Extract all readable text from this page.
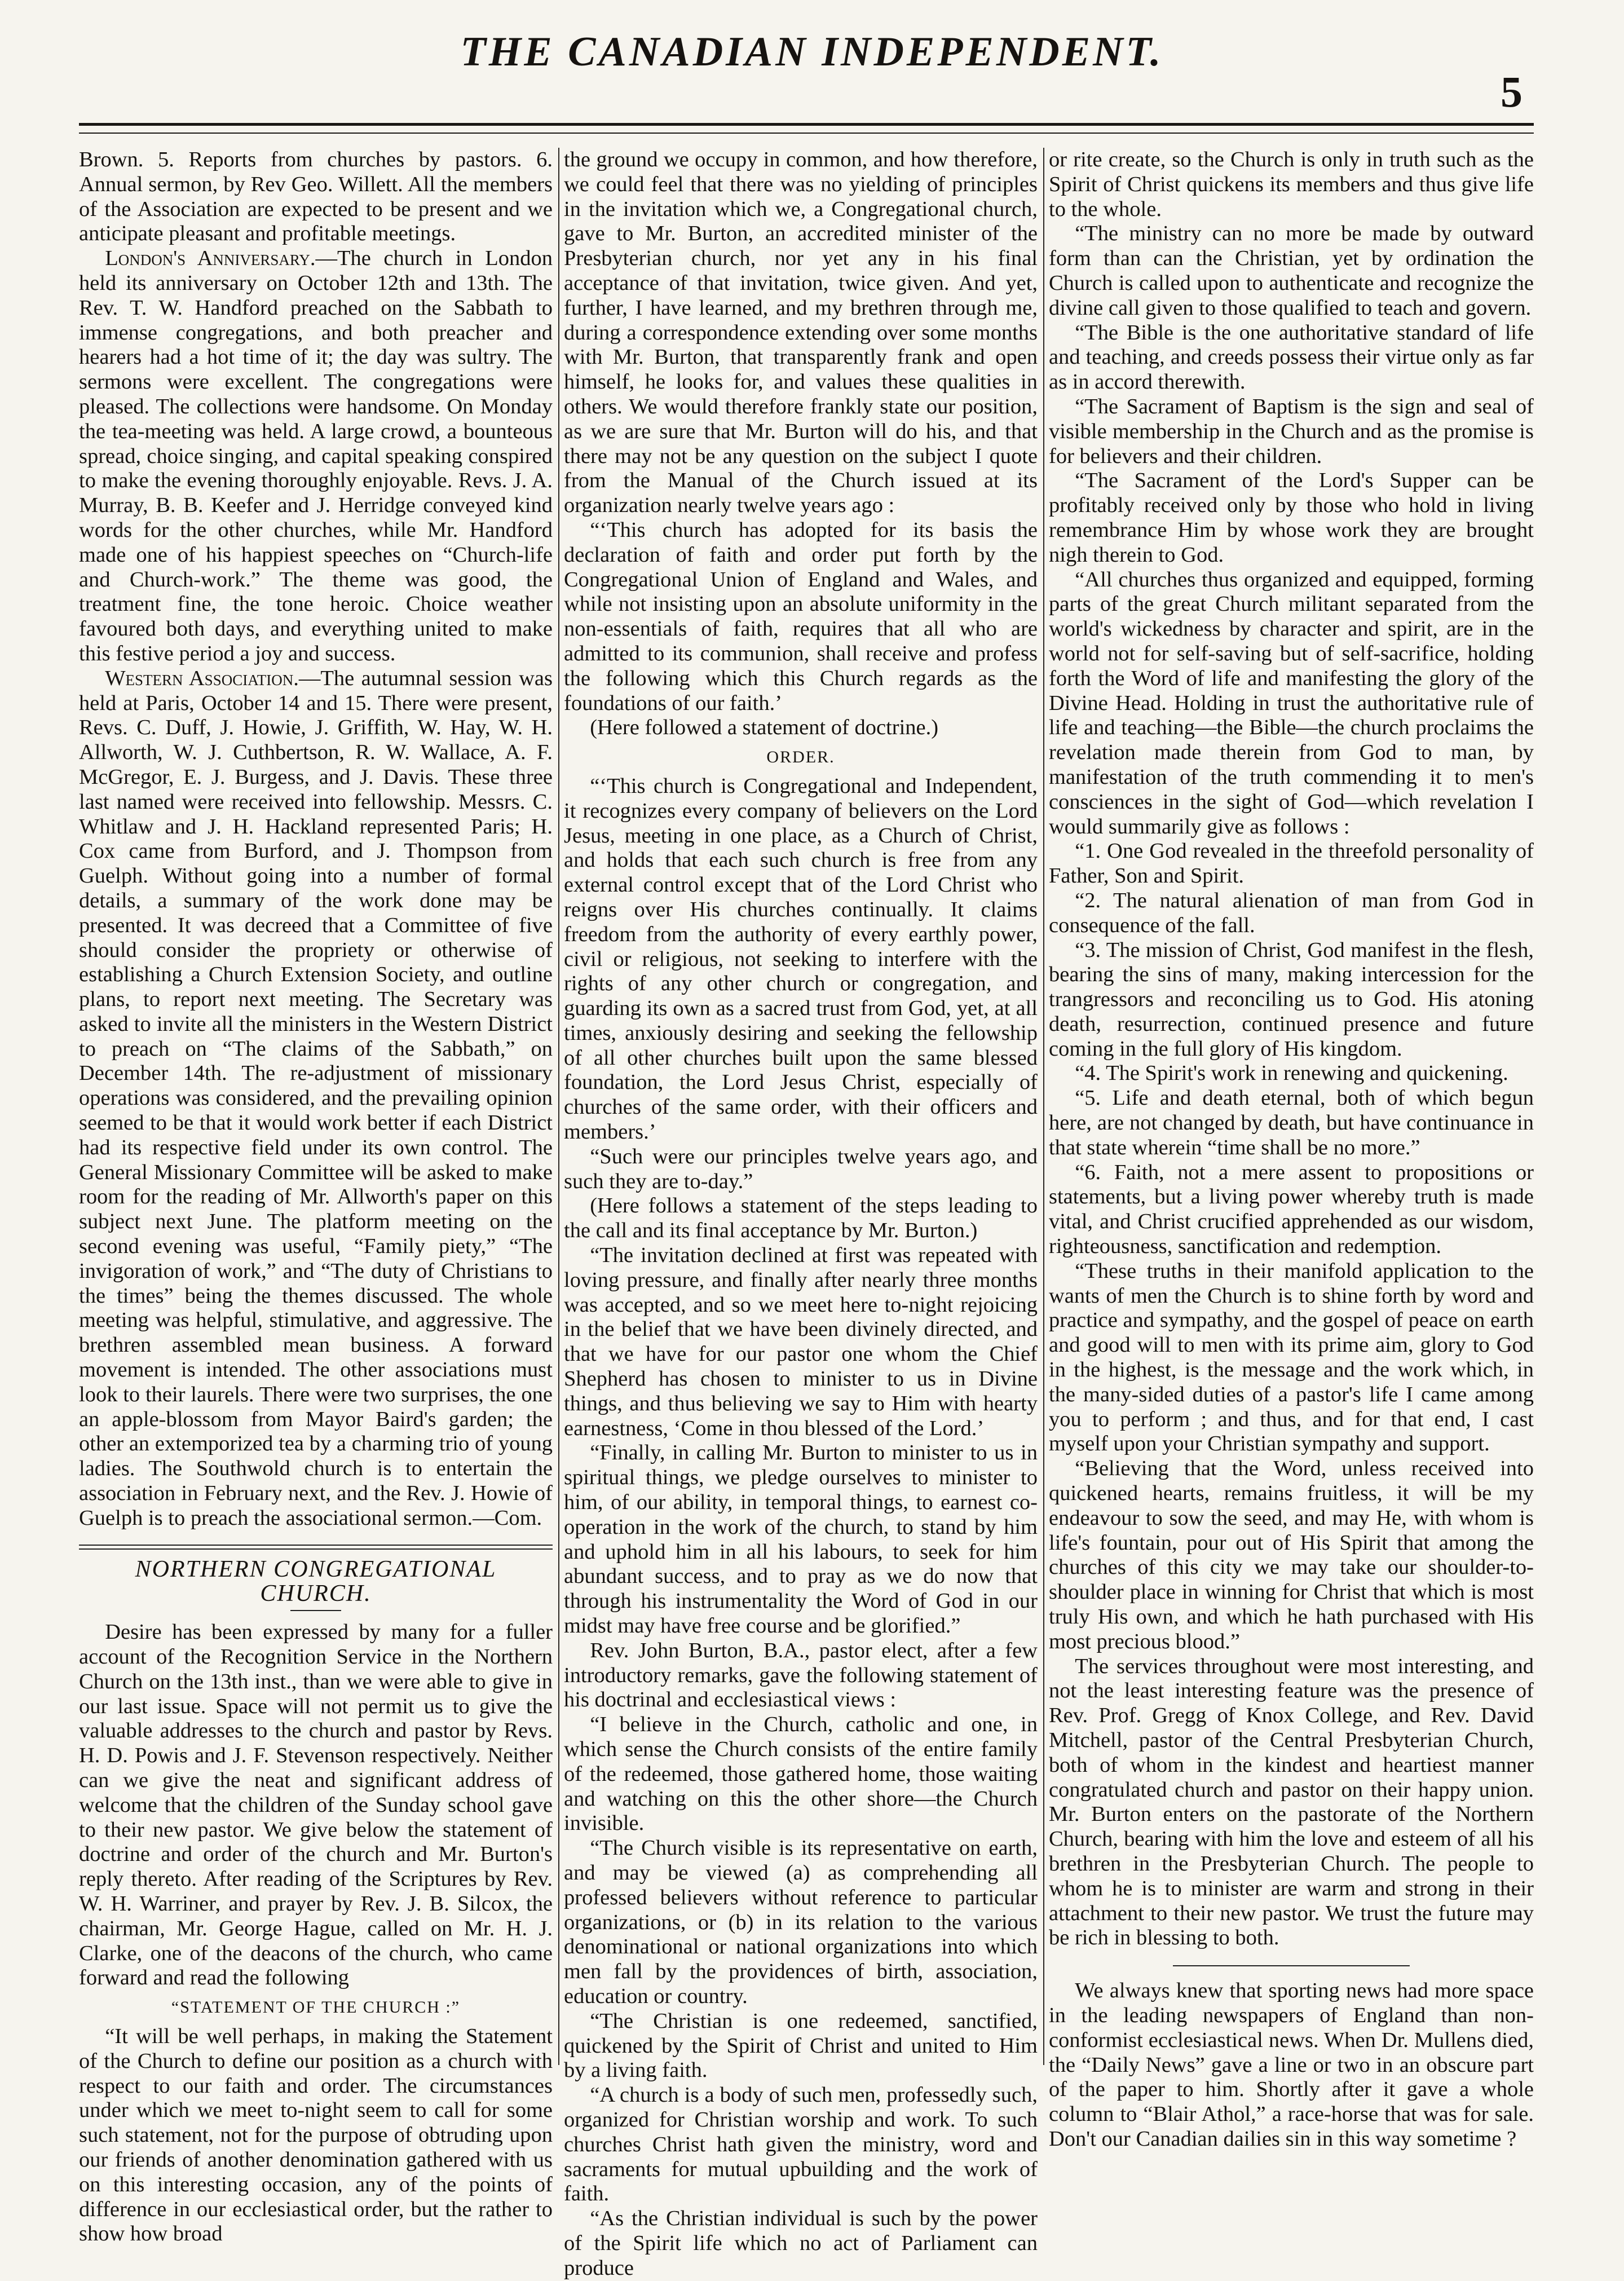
THE CANADIAN INDEPENDENT.
5

Brown. 5. Reports from churches by pastors. 6. Annual sermon, by Rev Geo. Willett. All the members of the Association are expected to be present and we anticipate pleasant and profitable meetings.

London's Anniversary.—The church in London held its anniversary on October 12th and 13th. The Rev. T. W. Handford preached on the Sabbath to immense congregations, and both preacher and hearers had a hot time of it; the day was sultry. The sermons were excellent. The congregations were pleased. The collections were handsome. On Monday the tea-meeting was held. A large crowd, a bounteous spread, choice singing, and capital speaking conspired to make the evening thoroughly enjoyable. Revs. J. A. Murray, B. B. Keefer and J. Herridge conveyed kind words for the other churches, while Mr. Handford made one of his happiest speeches on “Church-life and Church-work.” The theme was good, the treatment fine, the tone heroic. Choice weather favoured both days, and everything united to make this festive period a joy and success.

Western Association.—The autumnal session was held at Paris, October 14 and 15. There were present, Revs. C. Duff, J. Howie, J. Griffith, W. Hay, W. H. Allworth, W. J. Cuthbertson, R. W. Wallace, A. F. McGregor, E. J. Burgess, and J. Davis. These three last named were received into fellowship. Messrs. C. Whitlaw and J. H. Hackland represented Paris; H. Cox came from Burford, and J. Thompson from Guelph. Without going into a number of formal details, a summary of the work done may be presented. It was decreed that a Committee of five should consider the propriety or otherwise of establishing a Church Extension Society, and outline plans, to report next meeting. The Secretary was asked to invite all the ministers in the Western District to preach on “The claims of the Sabbath,” on December 14th. The re-adjustment of missionary operations was considered, and the prevailing opinion seemed to be that it would work better if each District had its respective field under its own control. The General Missionary Committee will be asked to make room for the reading of Mr. Allworth's paper on this subject next June. The platform meeting on the second evening was useful, “Family piety,” “The invigoration of work,” and “The duty of Christians to the times” being the themes discussed. The whole meeting was helpful, stimulative, and aggressive. The brethren assembled mean business. A forward movement is intended. The other associations must look to their laurels. There were two surprises, the one an apple-blossom from Mayor Baird's garden; the other an extemporized tea by a charming trio of young ladies. The Southwold church is to entertain the association in February next, and the Rev. J. Howie of Guelph is to preach the associational sermon.—Com.

NORTHERN CONGREGATIONAL CHURCH.

Desire has been expressed by many for a fuller account of the Recognition Service in the Northern Church on the 13th inst., than we were able to give in our last issue. Space will not permit us to give the valuable addresses to the church and pastor by Revs. H. D. Powis and J. F. Stevenson respectively. Neither can we give the neat and significant address of welcome that the children of the Sunday school gave to their new pastor. We give below the statement of doctrine and order of the church and Mr. Burton's reply thereto. After reading of the Scriptures by Rev. W. H. Warriner, and prayer by Rev. J. B. Silcox, the chairman, Mr. George Hague, called on Mr. H. J. Clarke, one of the deacons of the church, who came forward and read the following

“STATEMENT OF THE CHURCH :”

“It will be well perhaps, in making the Statement of the Church to define our position as a church with respect to our faith and order. The circumstances under which we meet to-night seem to call for some such statement, not for the purpose of obtruding upon our friends of another denomination gathered with us on this interesting occasion, any of the points of difference in our ecclesiastical order, but the rather to show how broad

the ground we occupy in common, and how therefore, we could feel that there was no yielding of principles in the invitation which we, a Congregational church, gave to Mr. Burton, an accredited minister of the Presbyterian church, nor yet any in his final acceptance of that invitation, twice given. And yet, further, I have learned, and my brethren through me, during a correspondence extending over some months with Mr. Burton, that transparently frank and open himself, he looks for, and values these qualities in others. We would therefore frankly state our position, as we are sure that Mr. Burton will do his, and that there may not be any question on the subject I quote from the Manual of the Church issued at its organization nearly twelve years ago :

“‘This church has adopted for its basis the declaration of faith and order put forth by the Congregational Union of England and Wales, and while not insisting upon an absolute uniformity in the non-essentials of faith, requires that all who are admitted to its communion, shall receive and profess the following which this Church regards as the foundations of our faith.’

(Here followed a statement of doctrine.)

ORDER.

“‘This church is Congregational and Independent, it recognizes every company of believers on the Lord Jesus, meeting in one place, as a Church of Christ, and holds that each such church is free from any external control except that of the Lord Christ who reigns over His churches continually. It claims freedom from the authority of every earthly power, civil or religious, not seeking to interfere with the rights of any other church or congregation, and guarding its own as a sacred trust from God, yet, at all times, anxiously desiring and seeking the fellowship of all other churches built upon the same blessed foundation, the Lord Jesus Christ, especially of churches of the same order, with their officers and members.’

“Such were our principles twelve years ago, and such they are to-day.”

(Here follows a statement of the steps leading to the call and its final acceptance by Mr. Burton.)

“The invitation declined at first was repeated with loving pressure, and finally after nearly three months was accepted, and so we meet here to-night rejoicing in the belief that we have been divinely directed, and that we have for our pastor one whom the Chief Shepherd has chosen to minister to us in Divine things, and thus believing we say to Him with hearty earnestness, ‘Come in thou blessed of the Lord.’

“Finally, in calling Mr. Burton to minister to us in spiritual things, we pledge ourselves to minister to him, of our ability, in temporal things, to earnest co-operation in the work of the church, to stand by him and uphold him in all his labours, to seek for him abundant success, and to pray as we do now that through his instrumentality the Word of God in our midst may have free course and be glorified.”

Rev. John Burton, B.A., pastor elect, after a few introductory remarks, gave the following statement of his doctrinal and ecclesiastical views :

“I believe in the Church, catholic and one, in which sense the Church consists of the entire family of the redeemed, those gathered home, those waiting and watching on this the other shore—the Church invisible.

“The Church visible is its representative on earth, and may be viewed (a) as comprehending all professed believers without reference to particular organizations, or (b) in its relation to the various denominational or national organizations into which men fall by the providences of birth, association, education or country.

“The Christian is one redeemed, sanctified, quickened by the Spirit of Christ and united to Him by a living faith.

“A church is a body of such men, professedly such, organized for Christian worship and work. To such churches Christ hath given the ministry, word and sacraments for mutual upbuilding and the work of faith.

“As the Christian individual is such by the power of the Spirit life which no act of Parliament can produce

or rite create, so the Church is only in truth such as the Spirit of Christ quickens its members and thus give life to the whole.

“The ministry can no more be made by outward form than can the Christian, yet by ordination the Church is called upon to authenticate and recognize the divine call given to those qualified to teach and govern.

“The Bible is the one authoritative standard of life and teaching, and creeds possess their virtue only as far as in accord therewith.

“The Sacrament of Baptism is the sign and seal of visible membership in the Church and as the promise is for believers and their children.

“The Sacrament of the Lord's Supper can be profitably received only by those who hold in living remembrance Him by whose work they are brought nigh therein to God.

“All churches thus organized and equipped, forming parts of the great Church militant separated from the world's wickedness by character and spirit, are in the world not for self-saving but of self-sacrifice, holding forth the Word of life and manifesting the glory of the Divine Head. Holding in trust the authoritative rule of life and teaching—the Bible—the church proclaims the revelation made therein from God to man, by manifestation of the truth commending it to men's consciences in the sight of God—which revelation I would summarily give as follows :

“1. One God revealed in the threefold personality of Father, Son and Spirit.

“2. The natural alienation of man from God in consequence of the fall.

“3. The mission of Christ, God manifest in the flesh, bearing the sins of many, making intercession for the trangressors and reconciling us to God. His atoning death, resurrection, continued presence and future coming in the full glory of His kingdom.

“4. The Spirit's work in renewing and quickening.

“5. Life and death eternal, both of which begun here, are not changed by death, but have continuance in that state wherein “time shall be no more.”

“6. Faith, not a mere assent to propositions or statements, but a living power whereby truth is made vital, and Christ crucified apprehended as our wisdom, righteousness, sanctification and redemption.

“These truths in their manifold application to the wants of men the Church is to shine forth by word and practice and sympathy, and the gospel of peace on earth and good will to men with its prime aim, glory to God in the highest, is the message and the work which, in the many-sided duties of a pastor's life I came among you to perform ; and thus, and for that end, I cast myself upon your Christian sympathy and support.

“Believing that the Word, unless received into quickened hearts, remains fruitless, it will be my endeavour to sow the seed, and may He, with whom is life's fountain, pour out of His Spirit that among the churches of this city we may take our shoulder-to-shoulder place in winning for Christ that which is most truly His own, and which he hath purchased with His most precious blood.”

The services throughout were most interesting, and not the least interesting feature was the presence of Rev. Prof. Gregg of Knox College, and Rev. David Mitchell, pastor of the Central Presbyterian Church, both of whom in the kindest and heartiest manner congratulated church and pastor on their happy union. Mr. Burton enters on the pastorate of the Northern Church, bearing with him the love and esteem of all his brethren in the Presbyterian Church. The people to whom he is to minister are warm and strong in their attachment to their new pastor. We trust the future may be rich in blessing to both.

We always knew that sporting news had more space in the leading newspapers of England than non-conformist ecclesiastical news. When Dr. Mullens died, the “Daily News” gave a line or two in an obscure part of the paper to him. Shortly after it gave a whole column to “Blair Athol,” a race-horse that was for sale. Don't our Canadian dailies sin in this way sometime ?
